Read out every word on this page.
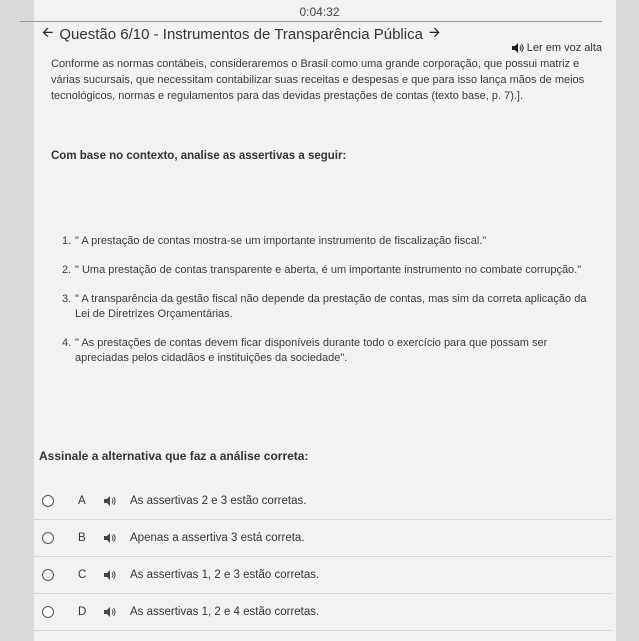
0:04:32
🡨 Questão 6/10 - Instrumentos de Transparência Pública 🡪
Ler em voz alta

Conforme as normas contábeis, consideraremos o Brasil como uma grande corporação, que possui matriz e várias sucursais, que necessitam contabilizar suas receitas e despesas e que para isso lança mãos de meios tecnológicos, normas e regulamentos para das devidas prestações de contas (texto base, p. 7).].

Com base no contexto, analise as assertivas a seguir:

1. " A prestação de contas mostra-se um importante instrumento de fiscalização fiscal."
2. " Uma prestação de contas transparente e aberta, é um importante instrumento no combate corrupção."
3. " A transparência da gestão fiscal não depende da prestação de contas, mas sim da correta aplicação da Lei de Diretrizes Orçamentárias.
4. " As prestações de contas devem ficar disponíveis durante todo o exercício para que possam ser apreciadas pelos cidadãos e instituições da sociedade".

Assinale a alternativa que faz a análise correta:

A	As assertivas 2 e 3 estão corretas.
B	Apenas a assertiva 3 está correta.
C	As assertivas 1, 2 e 3 estão corretas.
D	As assertivas 1, 2 e 4 estão corretas.
